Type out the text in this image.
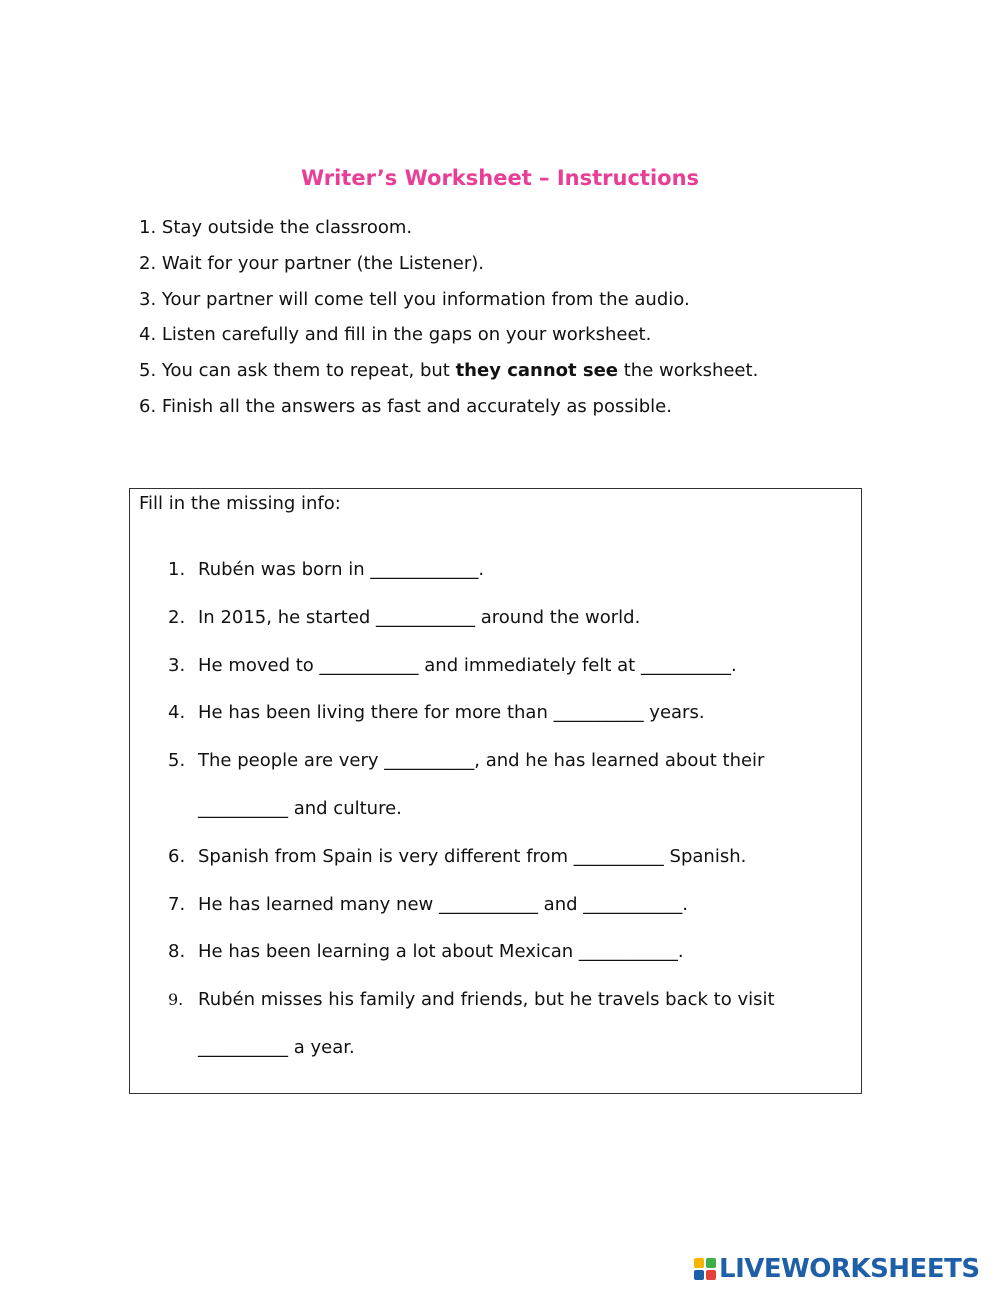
Writer’s Worksheet – Instructions
1. Stay outside the classroom.
2. Wait for your partner (the Listener).
3. Your partner will come tell you information from the audio.
4. Listen carefully and fill in the gaps on your worksheet.
5. You can ask them to repeat, but they cannot see the worksheet.
6. Finish all the answers as fast and accurately as possible.

Fill in the missing info:

1. Rubén was born in ____________.
2. In 2015, he started ___________ around the world.
3. He moved to ___________ and immediately felt at __________.
4. He has been living there for more than __________ years.
5. The people are very __________, and he has learned about their
__________ and culture.
6. Spanish from Spain is very different from __________ Spanish.
7. He has learned many new ___________ and ___________.
8. He has been learning a lot about Mexican ___________.
9. Rubén misses his family and friends, but he travels back to visit
__________ a year.
LIVEWORKSHEETS
